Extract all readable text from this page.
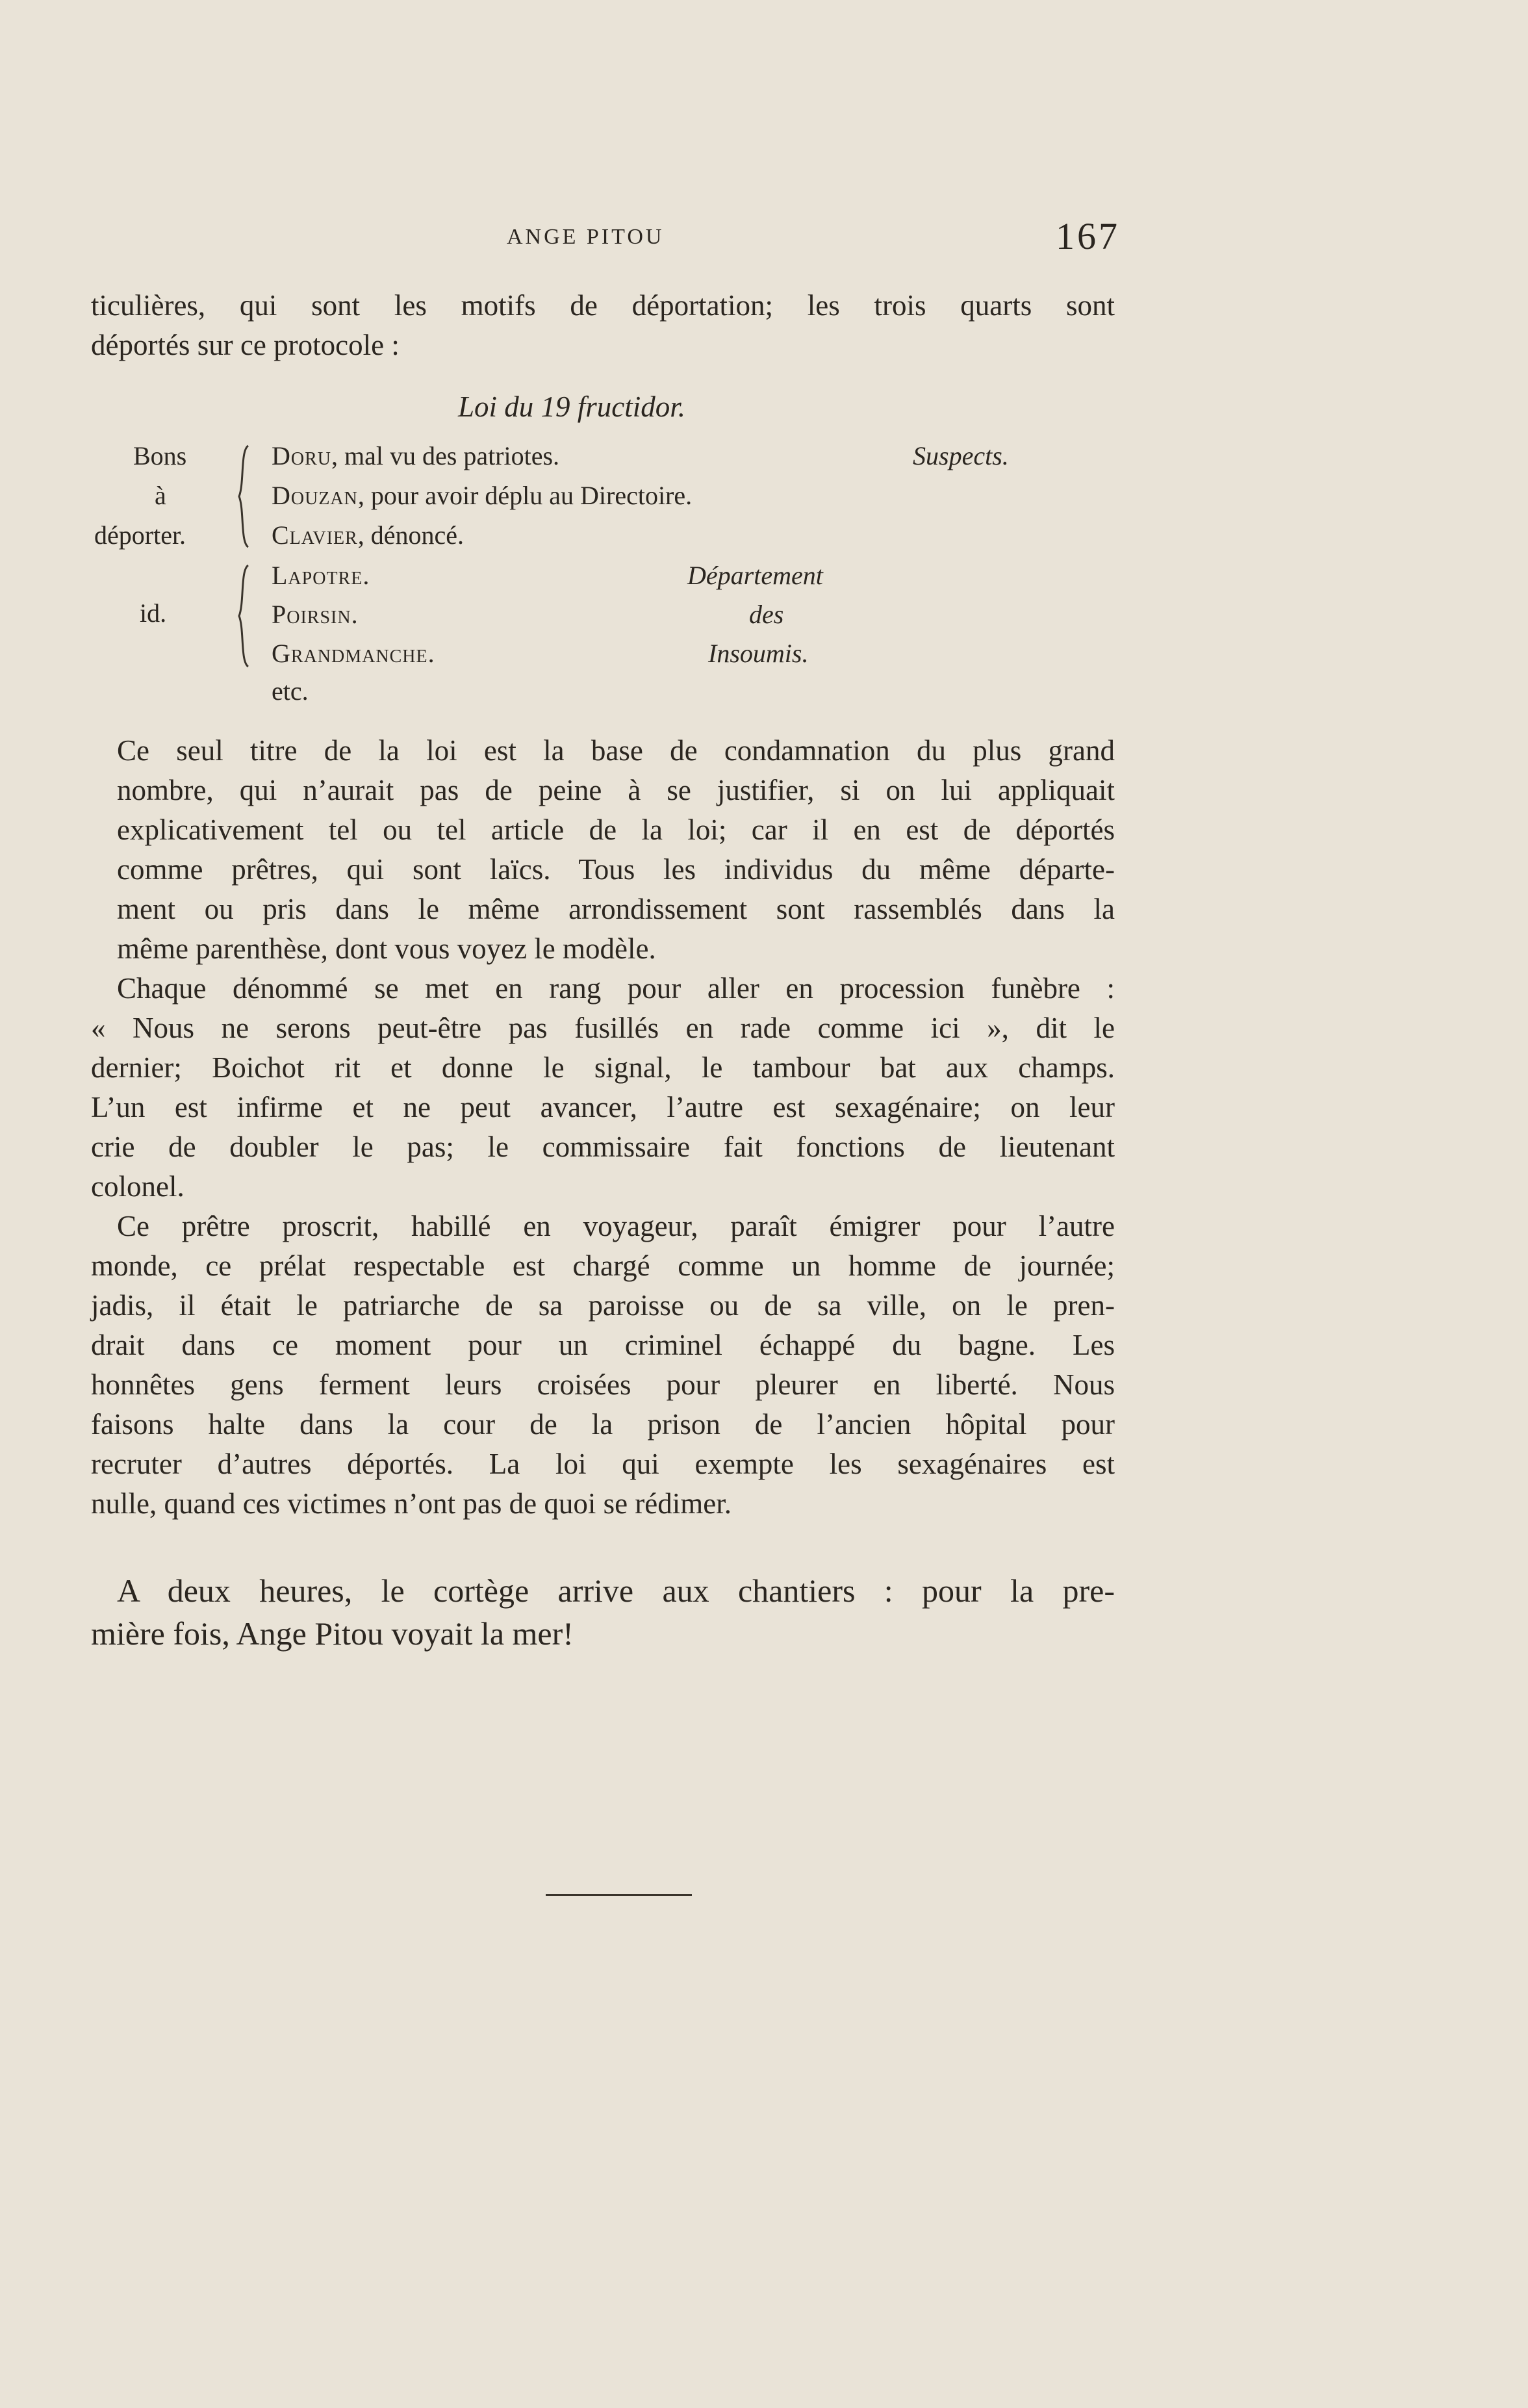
ANGE PITOU	167
ticulières, qui sont les motifs de déportation; les trois quarts sont
déportés sur ce protocole :
Loi du 19 fructidor.
Bons
à
déporter.
Doru, mal vu des patriotes.
Douzan, pour avoir déplu au Directoire.
Clavier, dénoncé.
Suspects.
id.
Lapotre.
Poirsin.
Grandmanche.
etc.
Département
des
Insoumis.
Ce seul titre de la loi est la base de condamnation du plus grand
nombre, qui n’aurait pas de peine à se justifier, si on lui appliquait
explicativement tel ou tel article de la loi; car il en est de déportés
comme prêtres, qui sont laïcs. Tous les individus du même départe-
ment ou pris dans le même arrondissement sont rassemblés dans la
même parenthèse, dont vous voyez le modèle.
Chaque dénommé se met en rang pour aller en procession funèbre :
« Nous ne serons peut-être pas fusillés en rade comme ici », dit le
dernier; Boichot rit et donne le signal, le tambour bat aux champs.
L’un est infirme et ne peut avancer, l’autre est sexagénaire; on leur
crie de doubler le pas; le commissaire fait fonctions de lieutenant
colonel.
Ce prêtre proscrit, habillé en voyageur, paraît émigrer pour l’autre
monde, ce prélat respectable est chargé comme un homme de journée;
jadis, il était le patriarche de sa paroisse ou de sa ville, on le pren-
drait dans ce moment pour un criminel échappé du bagne. Les
honnêtes gens ferment leurs croisées pour pleurer en liberté. Nous
faisons halte dans la cour de la prison de l’ancien hôpital pour
recruter d’autres déportés. La loi qui exempte les sexagénaires est
nulle, quand ces victimes n’ont pas de quoi se rédimer.
A deux heures, le cortège arrive aux chantiers : pour la pre-
mière fois, Ange Pitou voyait la mer!
